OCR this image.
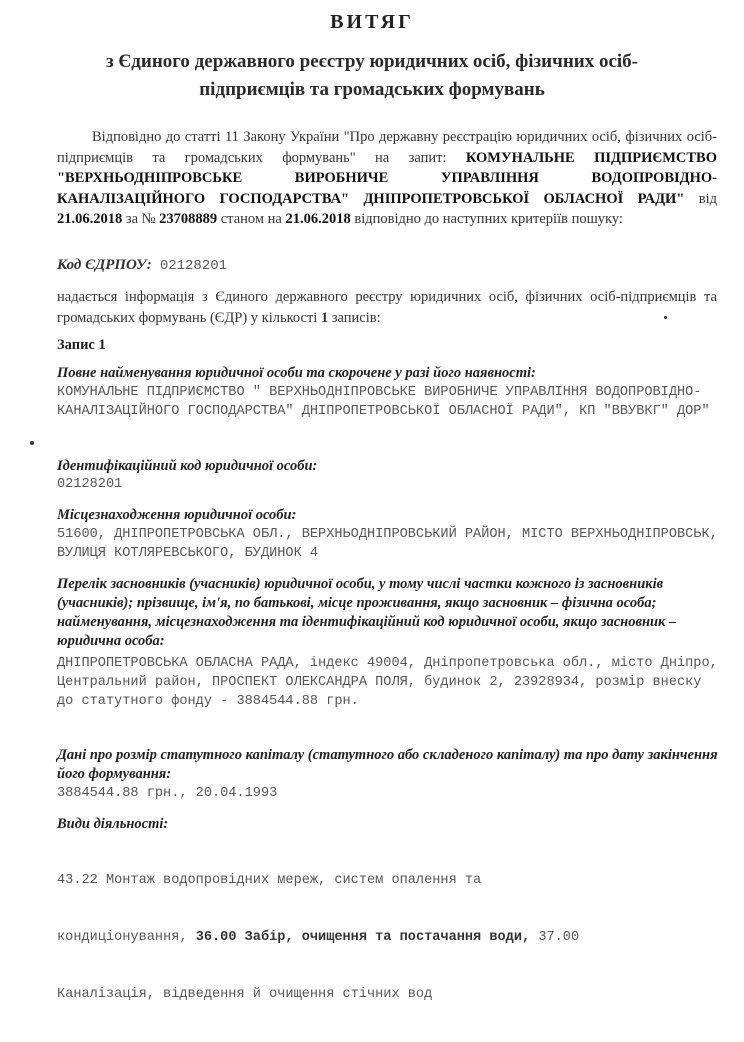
ВИТЯГ
з Єдиного державного реєстру юридичних осіб, фізичних осіб-підприємців та громадських формувань
Відповідно до статті 11 Закону України "Про державну реєстрацію юридичних осіб, фізичних осіб-підприємців та громадських формувань" на запит: КОМУНАЛЬНЕ ПІДПРИЄМСТВО "ВЕРХНЬОДНІПРОВСЬКЕ ВИРОБНИЧЕ УПРАВЛІННЯ ВОДОПРОВІДНО-КАНАЛІЗАЦІЙНОГО ГОСПОДАРСТВА" ДНІПРОПЕТРОВСЬКОЇ ОБЛАСНОЇ РАДИ" від 21.06.2018 за № 23708889 станом на 21.06.2018 відповідно до наступних критеріїв пошуку:
Код ЄДРПОУ: 02128201
надається інформація з Єдиного державного реєстру юридичних осіб, фізичних осіб-підприємців та громадських формувань (ЄДР) у кількості 1 записів:
Запис 1
Повне найменування юридичної особи та скорочене у разі його наявності:
КОМУНАЛЬНЕ ПІДПРИЄМСТВО " ВЕРХНЬОДНІПРОВСЬКЕ ВИРОБНИЧЕ УПРАВЛІННЯ ВОДОПРОВІДНО-КАНАЛІЗАЦІЙНОГО ГОСПОДАРСТВА" ДНІПРОПЕТРОВСЬКОЇ ОБЛАСНОЇ РАДИ", КП "ВВУВКГ" ДОР"
Ідентифікаційний код юридичної особи:
02128201
Місцезнаходження юридичної особи:
51600, ДНІПРОПЕТРОВСЬКА ОБЛ., ВЕРХНЬОДНІПРОВСЬКИЙ РАЙОН, МІСТО ВЕРХНЬОДНІПРОВСЬК, ВУЛИЦЯ КОТЛЯРЕВСЬКОГО, БУДИНОК 4
Перелік засновників (учасників) юридичної особи, у тому числі частки кожного із засновників (учасників); прізвище, ім'я, по батькові, місце проживання, якщо засновник – фізична особа; найменування, місцезнаходження та ідентифікаційний код юридичної особи, якщо засновник – юридична особа:
ДНІПРОПЕТРОВСЬКА ОБЛАСНА РАДА, індекс 49004, Дніпропетровська обл., місто Дніпро, Центральний район, ПРОСПЕКТ ОЛЕКСАНДРА ПОЛЯ, будинок 2, 23928934, розмір внеску до статутного фонду - 3884544.88 грн.
Дані про розмір статутного капіталу (статутного або складеного капіталу) та про дату закінчення його формування:
3884544.88 грн., 20.04.1993
Види діяльності:

43.22 Монтаж водопровідних мереж, систем опалення та

кондиціонування, 36.00 Забір, очищення та постачання води, 37.00

Каналізація, відведення й очищення стічних вод
